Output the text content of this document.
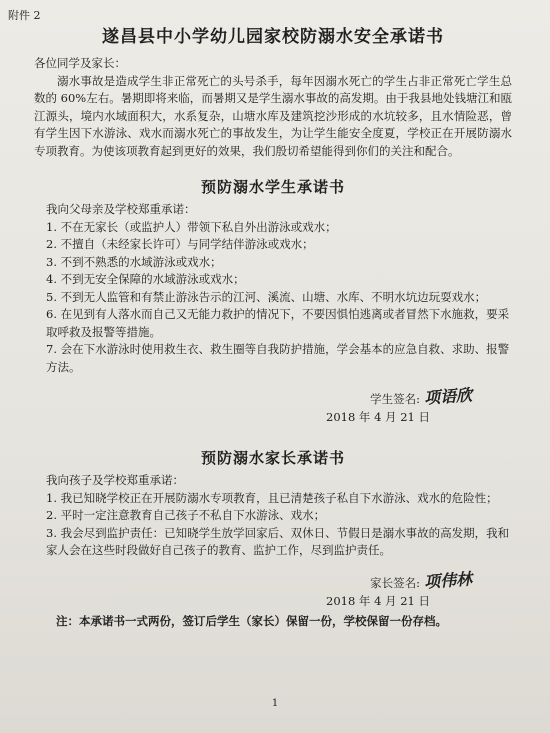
附件 2
遂昌县中小学幼儿园家校防溺水安全承诺书

各位同学及家长：

溺水事故是造成学生非正常死亡的头号杀手，每年因溺水死亡的学生占非正常死亡学生总数的 60%左右。暑期即将来临，而暑期又是学生溺水事故的高发期。由于我县地处钱塘江和瓯江源头，境内水域面积大，水系复杂，山塘水库及建筑挖沙形成的水坑较多，且水情险恶，曾有学生因下水游泳、戏水而溺水死亡的事故发生，为让学生能安全度夏，学校正在开展防溺水专项教育。为使该项教育起到更好的效果，我们殷切希望能得到你们的关注和配合。

预防溺水学生承诺书

我向父母亲及学校郑重承诺：

1. 不在无家长（或监护人）带领下私自外出游泳或戏水；

2. 不擅自（未经家长许可）与同学结伴游泳或戏水；

3. 不到不熟悉的水域游泳或戏水；

4. 不到无安全保障的水域游泳或戏水；

5. 不到无人监管和有禁止游泳告示的江河、溪流、山塘、水库、不明水坑边玩耍戏水；

6. 在见到有人落水而自己又无能力救护的情况下，不要因惧怕逃离或者冒然下水施救，要采取呼救及报警等措施。

7. 会在下水游泳时使用救生衣、救生圈等自我防护措施，学会基本的应急自救、求助、报警方法。

学生签名: 项语欣
2018 年 4 月 21 日
预防溺水家长承诺书

我向孩子及学校郑重承诺：

1. 我已知晓学校正在开展防溺水专项教育，且已清楚孩子私自下水游泳、戏水的危险性；

2. 平时一定注意教育自己孩子不私自下水游泳、戏水；

3. 我会尽到监护责任：已知晓学生放学回家后、双休日、节假日是溺水事故的高发期，我和家人会在这些时段做好自己孩子的教育、监护工作，尽到监护责任。

家长签名: 项伟林
2018 年 4 月 21 日
注：本承诺书一式两份，签订后学生（家长）保留一份，学校保留一份存档。
1
